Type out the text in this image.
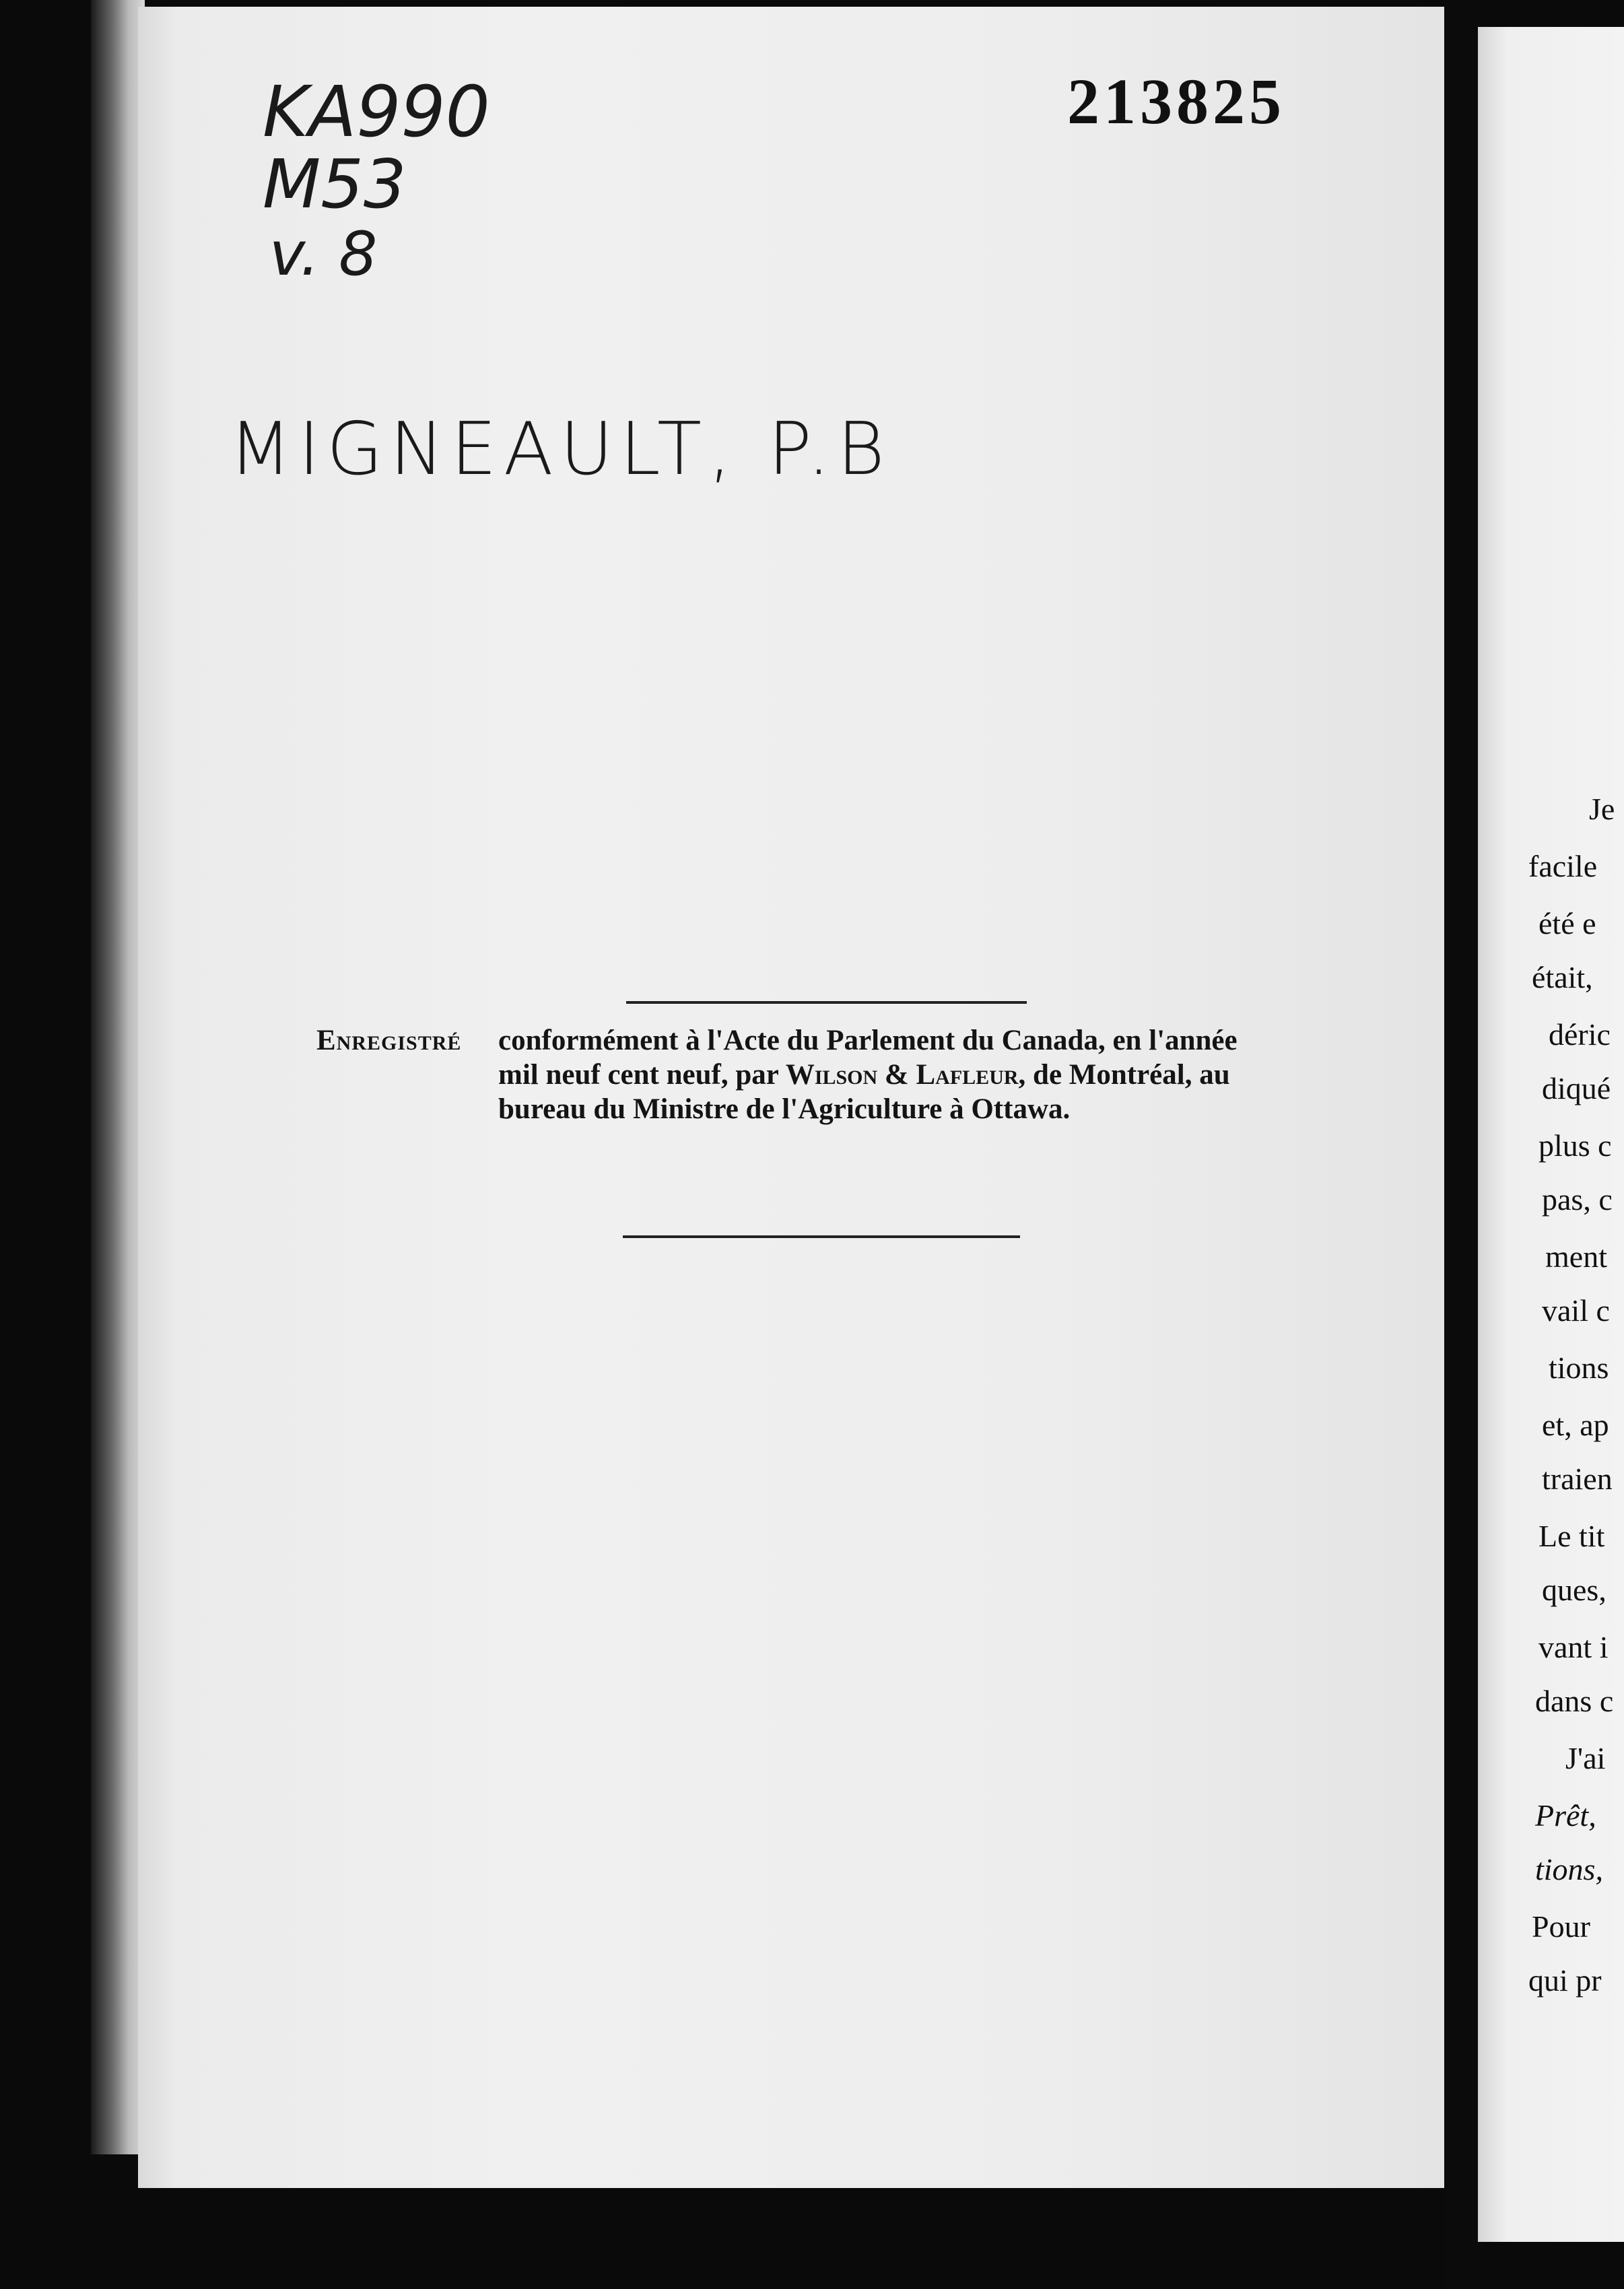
213825
KA990
M53
v. 8
MIGNEAULT, P.B
Enregistré	conformément à l'Acte du Parlement du Canada, en l'année
mil neuf cent neuf, par Wilson & Lafleur, de Montréal, au
bureau du Ministre de l'Agriculture à Ottawa.
Je
facile
été e
était,
déric
diqué
plus c
pas, c
ment
vail c
tions
et, ap
traien
Le tit
ques,
vant i
dans c
J'ai
Prêt,
tions,
Pour
qui pr
